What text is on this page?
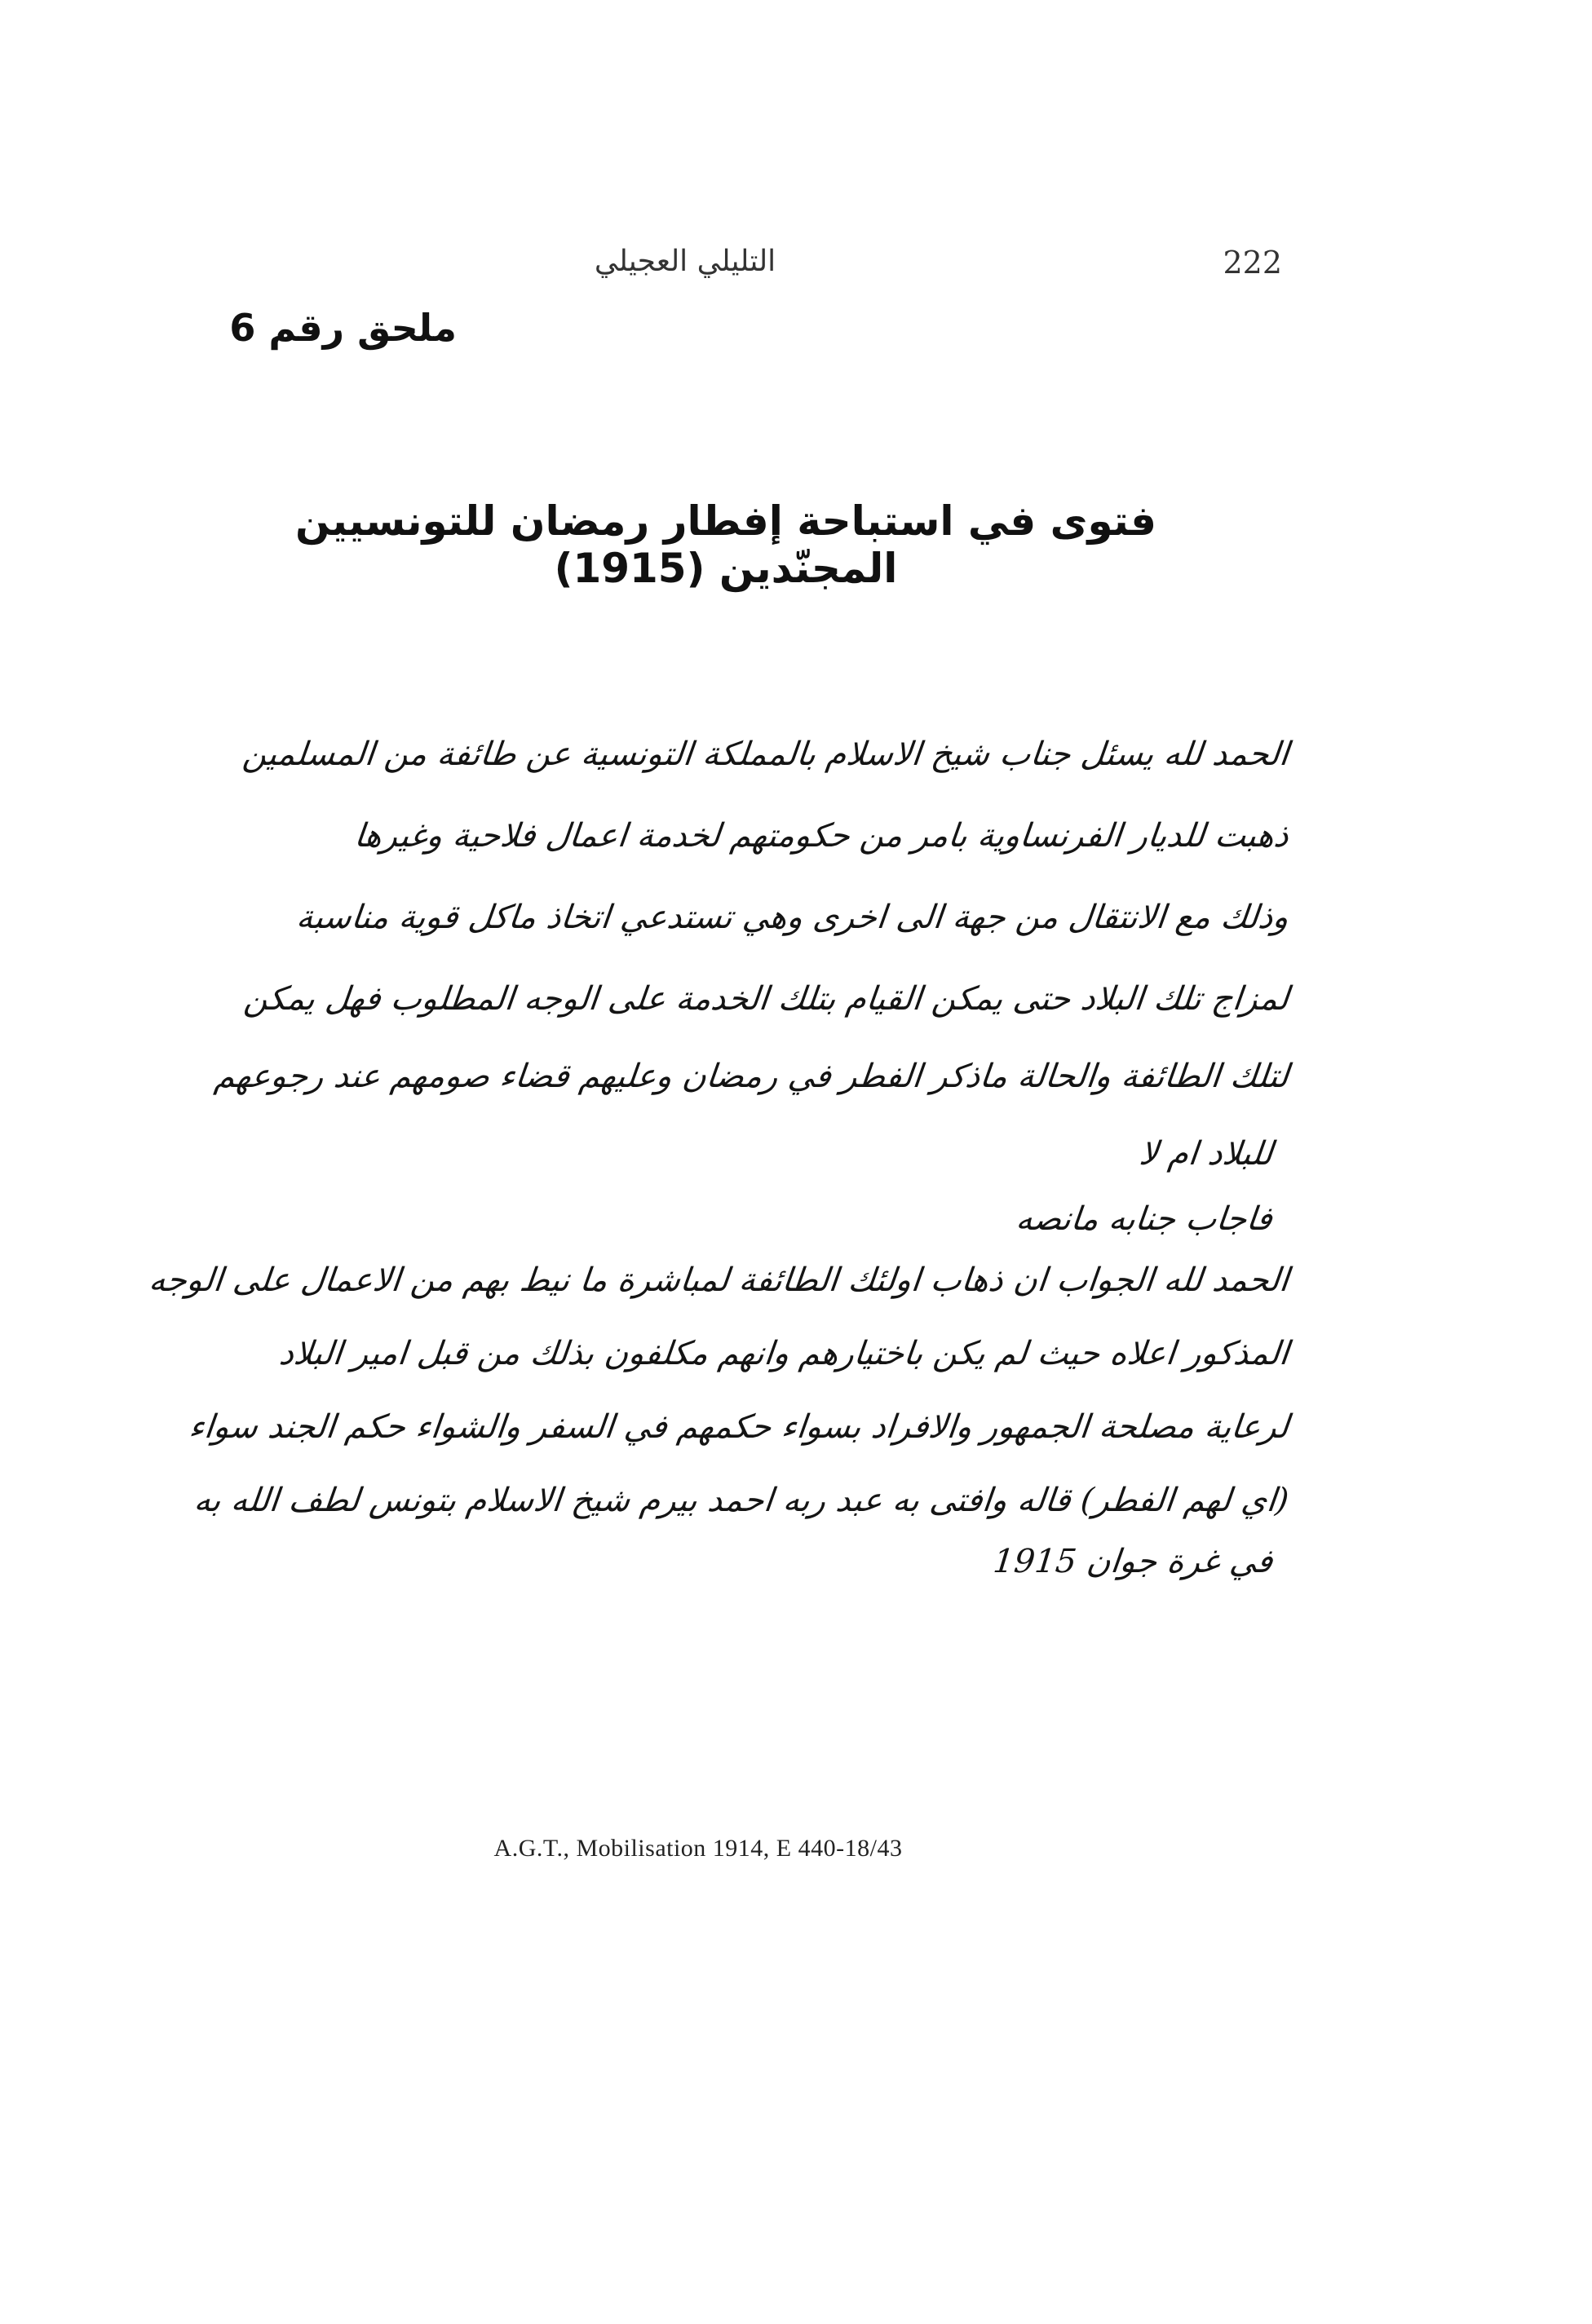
222
التليلي العجيلي
ملحق رقم 6
فتوى في استباحة إفطار رمضان للتونسيين المجنّدين (1915)
الحمد لله يسئل جناب شيخ الاسلام بالمملكة التونسية عن طائفة من المسلمين
ذهبت للديار الفرنساوية بامر من حكومتهم لخدمة اعمال فلاحية وغيرها
وذلك مع الانتقال من جهة الى اخرى وهي تستدعي اتخاذ ماكل قوية مناسبة
لمزاج تلك البلاد حتى يمكن القيام بتلك الخدمة على الوجه المطلوب فهل يمكن
لتلك الطائفة والحالة ماذكر الفطر في رمضان وعليهم قضاء صومهم عند رجوعهم
للبلاد ام لا
فاجاب جنابه مانصه
الحمد لله الجواب ان ذهاب اولئك الطائفة لمباشرة ما نيط بهم من الاعمال على الوجه
المذكور اعلاه حيث لم يكن باختيارهم وانهم مكلفون بذلك من قبل امير البلاد
لرعاية مصلحة الجمهور والافراد بسواء حكمهم في السفر والشواء حكم الجند سواء
(اي لهم الفطر) قاله وافتى به عبد ربه احمد بيرم شيخ الاسلام بتونس لطف الله به
في غرة جوان 1915
A.G.T., Mobilisation 1914, E 440-18/43
